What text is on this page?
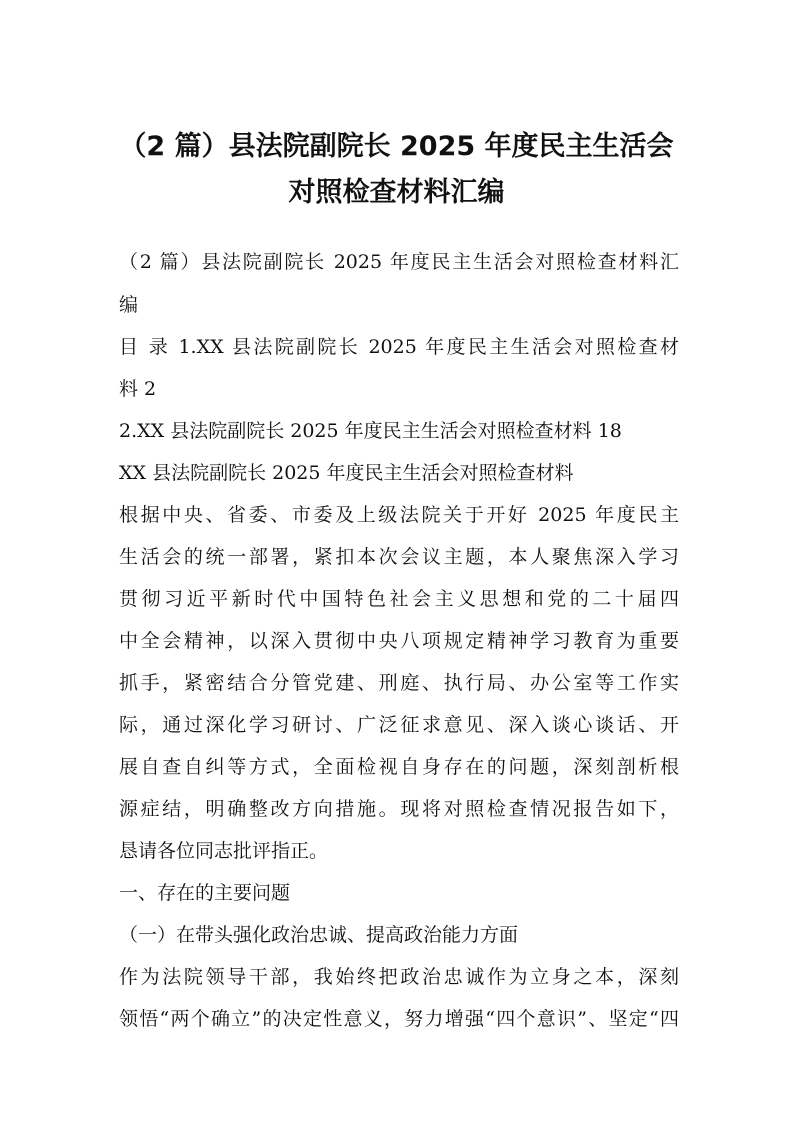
（2 篇）县法院副院长 2025 年度民主生活会
对照检查材料汇编
（2 篇）县法院副院长 2025 年度民主生活会对照检查材料汇
编
目 录 1.XX 县法院副院长 2025 年度民主生活会对照检查材
料 2
2.XX 县法院副院长 2025 年度民主生活会对照检查材料 18
XX 县法院副院长 2025 年度民主生活会对照检查材料
根据中央、省委、市委及上级法院关于开好 2025 年度民主
生活会的统一部署，紧扣本次会议主题，本人聚焦深入学习
贯彻习近平新时代中国特色社会主义思想和党的二十届四
中全会精神，以深入贯彻中央八项规定精神学习教育为重要
抓手，紧密结合分管党建、刑庭、执行局、办公室等工作实
际，通过深化学习研讨、广泛征求意见、深入谈心谈话、开
展自查自纠等方式，全面检视自身存在的问题，深刻剖析根
源症结，明确整改方向措施。现将对照检查情况报告如下，
恳请各位同志批评指正。
一、存在的主要问题
（一）在带头强化政治忠诚、提高政治能力方面
作为法院领导干部，我始终把政治忠诚作为立身之本，深刻
领悟“两个确立”的决定性意义，努力增强“四个意识”、坚定“四
